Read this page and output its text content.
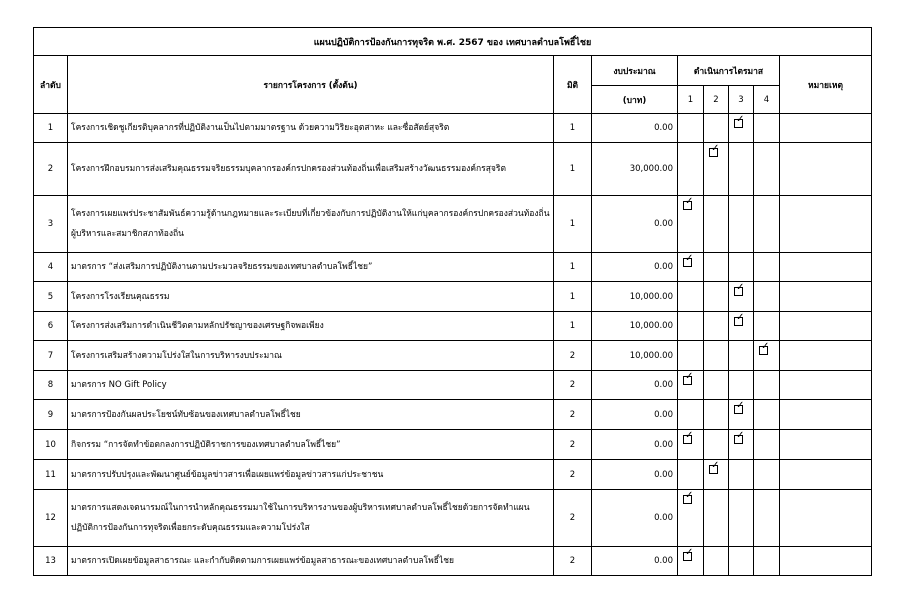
แผนปฏิบัติการป้องกันการทุจริต พ.ศ. 2567 ของ เทศบาลตำบลโพธิ์ไชย								
ลำดับ	รายการโครงการ (ตั้งต้น)	มิติ	งบประมาณ	ดำเนินการไตรมาส				หมายเหตุ
			(บาท)	1	2	3	4	
1	โครงการเชิดชูเกียรติบุคลากรที่ปฏิบัติงานเป็นไปตามมาตรฐาน ด้วยความวิริยะอุตสาหะ และซื่อสัตย์สุจริต	1	0.00			✓		

2	โครงการฝึกอบรมการส่งเสริมคุณธรรมจริยธรรมบุคลากรองค์กรปกครองส่วนท้องถิ่นเพื่อเสริมสร้างวัฒนธรรมองค์กรสุจริต	1	30,000.00		✓			

3	โครงการเผยแพร่ประชาสัมพันธ์ความรู้ด้านกฎหมายและระเบียบที่เกี่ยวข้องกับการปฏิบัติงานให้แก่บุคลากรองค์กรปกครองส่วนท้องถิ่น ผู้บริหารและสมาชิกสภาท้องถิ่น	1	0.00	✓				

4	มาตรการ “ส่งเสริมการปฏิบัติงานตามประมวลจริยธรรมของเทศบาลตำบลโพธิ์ไชย”	1	0.00	✓				

5	โครงการโรงเรียนคุณธรรม	1	10,000.00			✓		

6	โครงการส่งเสริมการดำเนินชีวิตตามหลักปรัชญาของเศรษฐกิจพอเพียง	1	10,000.00			✓		

7	โครงการเสริมสร้างความโปร่งใสในการบริหารงบประมาณ	2	10,000.00				✓	

8	มาตรการ NO Gift Policy	2	0.00	✓				

9	มาตรการป้องกันผลประโยชน์ทับซ้อนของเทศบาลตำบลโพธิ์ไชย	2	0.00			✓		

10	กิจกรรม “การจัดทำข้อตกลงการปฏิบัติราชการของเทศบาลตำบลโพธิ์ไชย”	2	0.00	✓		✓		

11	มาตรการปรับปรุงและพัฒนาศูนย์ข้อมูลข่าวสารเพื่อเผยแพร่ข้อมูลข่าวสารแก่ประชาชน	2	0.00		✓			

12	มาตรการแสดงเจตนารมณ์ในการนำหลักคุณธรรมมาใช้ในการบริหารงานของผู้บริหารเทศบาลตำบลโพธิ์ไชยด้วยการจัดทำแผนปฏิบัติการป้องกันการทุจริตเพื่อยกระดับคุณธรรมและความโปร่งใส	2	0.00	✓				

13	มาตรการเปิดเผยข้อมูลสาธารณะ และกำกับติดตามการเผยแพร่ข้อมูลสาธารณะของเทศบาลตำบลโพธิ์ไชย	2	0.00	✓				
